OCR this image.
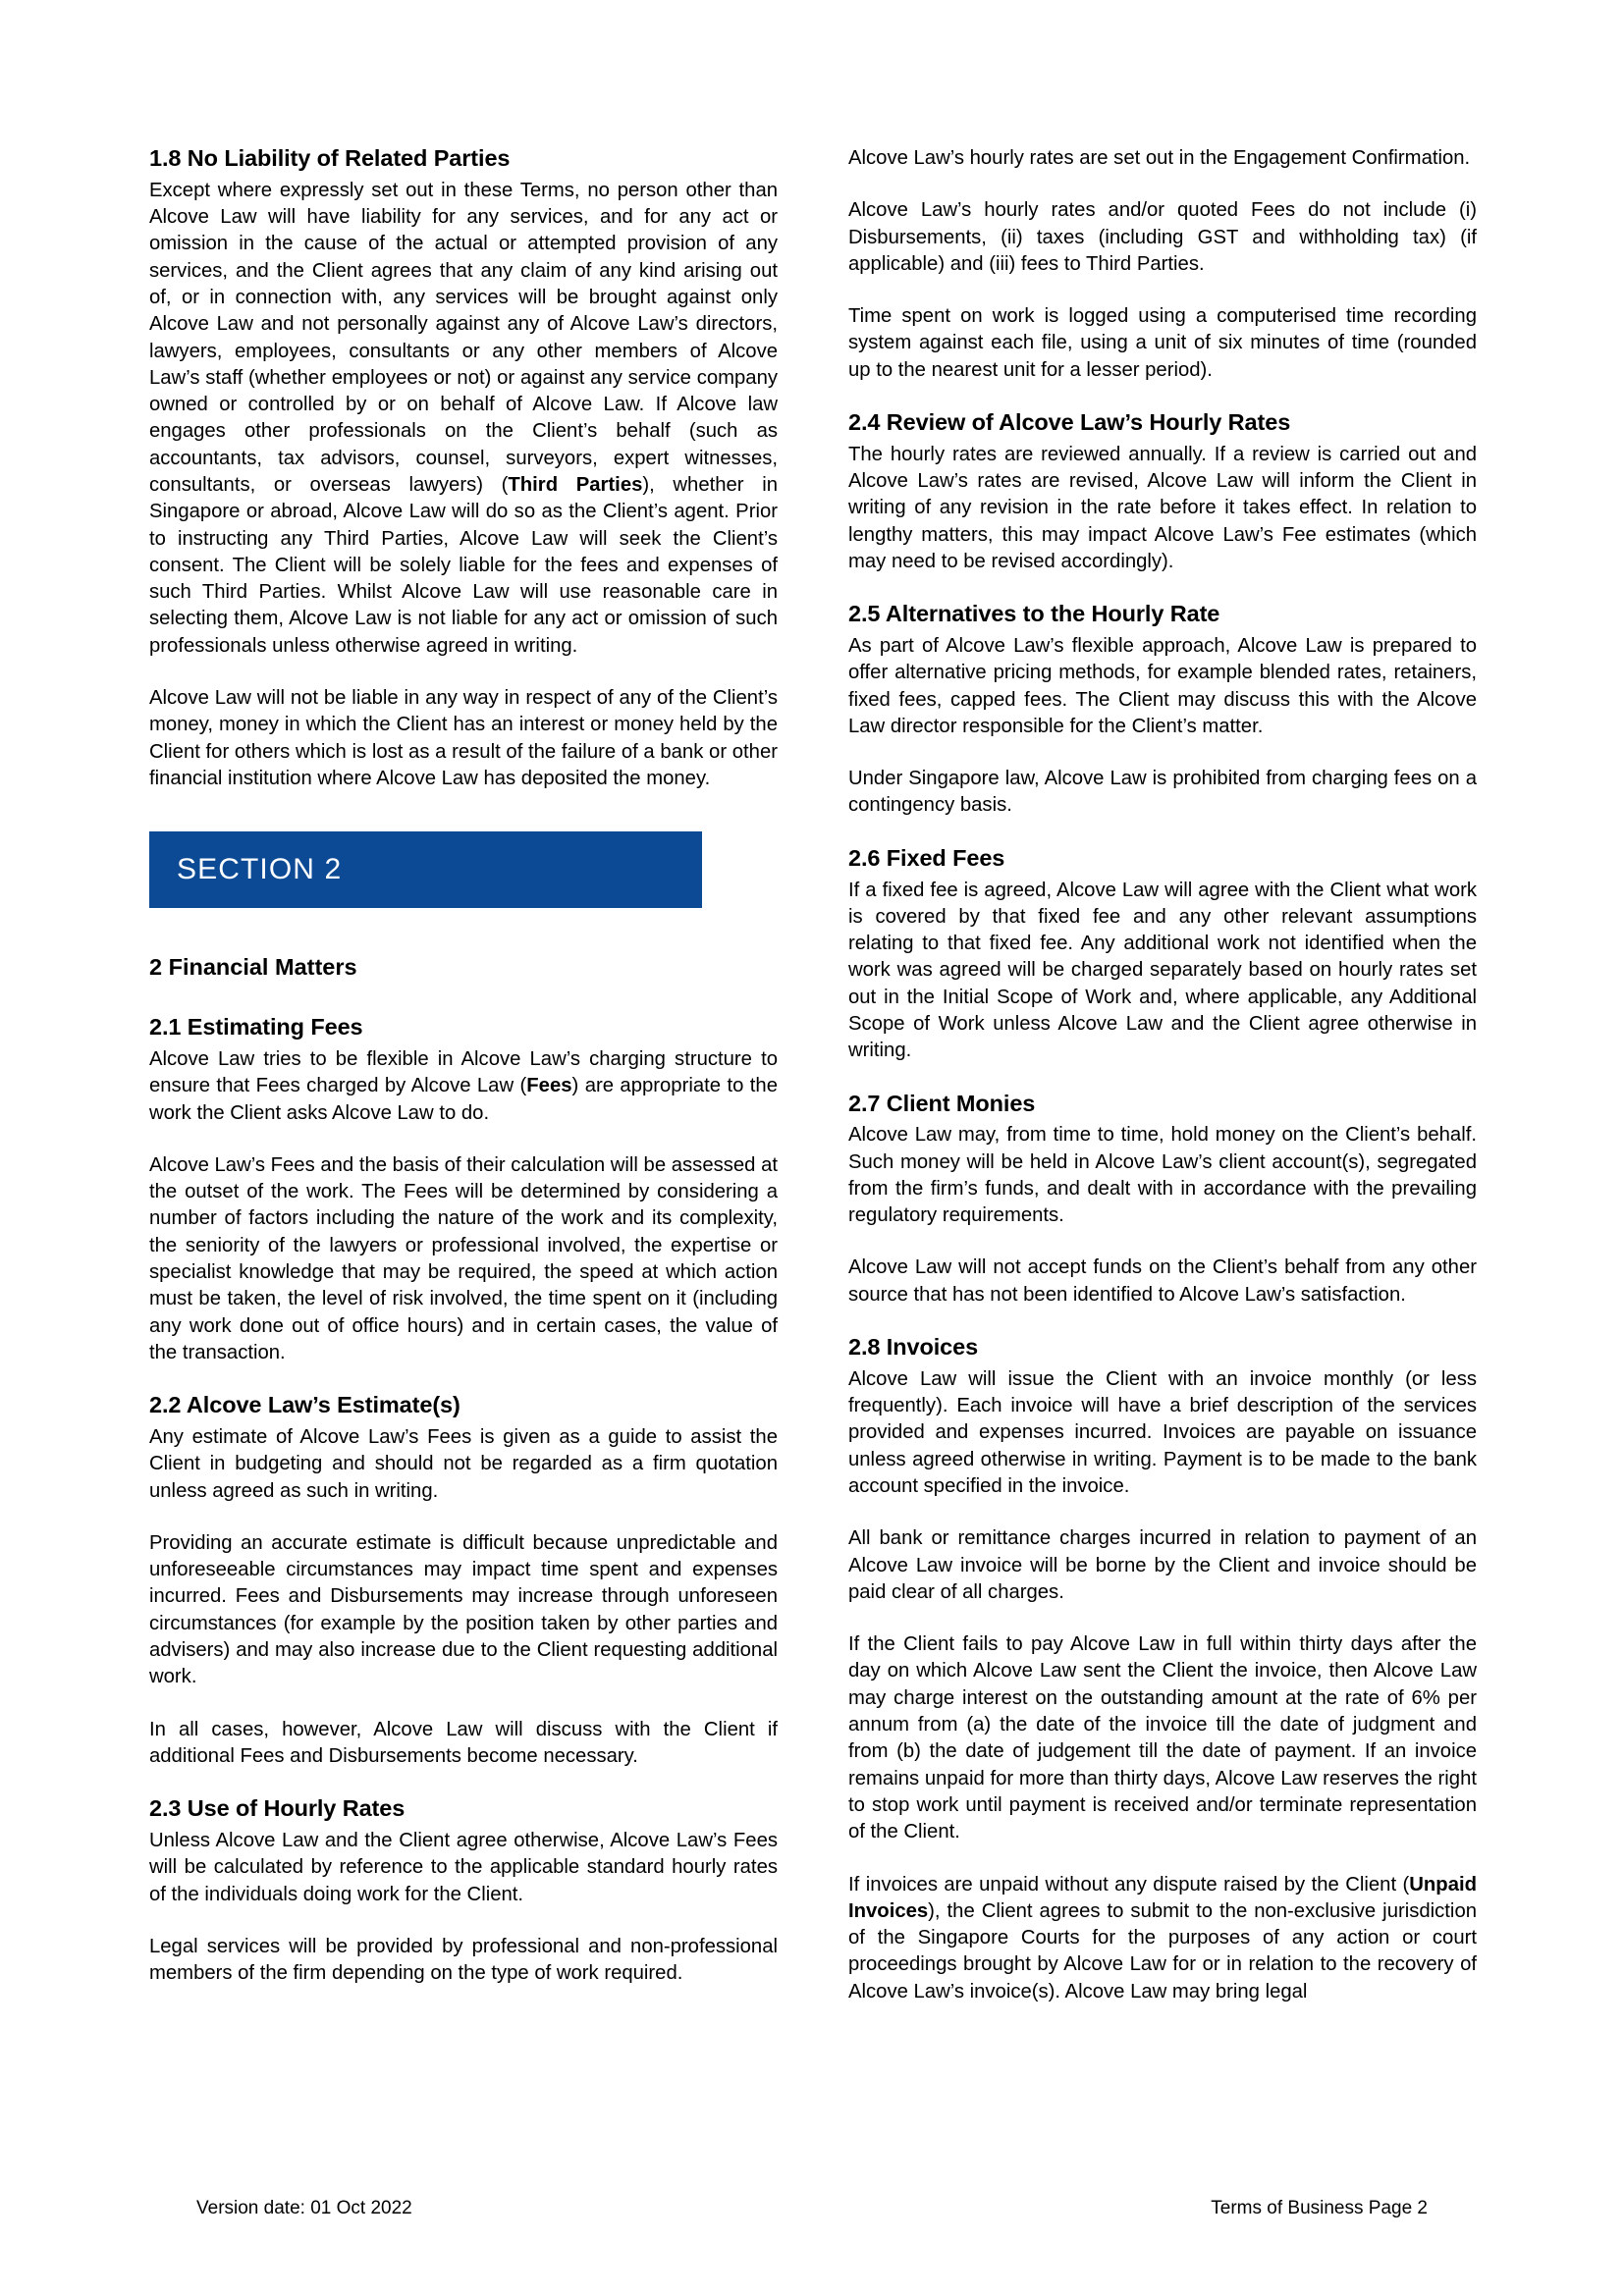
1.8 No Liability of Related Parties

Except where expressly set out in these Terms, no person other than Alcove Law will have liability for any services, and for any act or omission in the cause of the actual or attempted provision of any services, and the Client agrees that any claim of any kind arising out of, or in connection with, any services will be brought against only Alcove Law and not personally against any of Alcove Law’s directors, lawyers, employees, consultants or any other members of Alcove Law’s staff (whether employees or not) or against any service company owned or controlled by or on behalf of Alcove Law. If Alcove law engages other professionals on the Client’s behalf (such as accountants, tax advisors, counsel, surveyors, expert witnesses, consultants, or overseas lawyers) (Third Parties), whether in Singapore or abroad, Alcove Law will do so as the Client’s agent. Prior to instructing any Third Parties, Alcove Law will seek the Client’s consent. The Client will be solely liable for the fees and expenses of such Third Parties. Whilst Alcove Law will use reasonable care in selecting them, Alcove Law is not liable for any act or omission of such professionals unless otherwise agreed in writing.

Alcove Law will not be liable in any way in respect of any of the Client’s money, money in which the Client has an interest or money held by the Client for others which is lost as a result of the failure of a bank or other financial institution where Alcove Law has deposited the money.

SECTION 2
2 Financial Matters
2.1 Estimating Fees

Alcove Law tries to be flexible in Alcove Law’s charging structure to ensure that Fees charged by Alcove Law (Fees) are appropriate to the work the Client asks Alcove Law to do.

Alcove Law’s Fees and the basis of their calculation will be assessed at the outset of the work. The Fees will be determined by considering a number of factors including the nature of the work and its complexity, the seniority of the lawyers or professional involved, the expertise or specialist knowledge that may be required, the speed at which action must be taken, the level of risk involved, the time spent on it (including any work done out of office hours) and in certain cases, the value of the transaction.

2.2 Alcove Law’s Estimate(s)

Any estimate of Alcove Law’s Fees is given as a guide to assist the Client in budgeting and should not be regarded as a firm quotation unless agreed as such in writing.

Providing an accurate estimate is difficult because unpredictable and unforeseeable circumstances may impact time spent and expenses incurred. Fees and Disbursements may increase through unforeseen circumstances (for example by the position taken by other parties and advisers) and may also increase due to the Client requesting additional work.

In all cases, however, Alcove Law will discuss with the Client if additional Fees and Disbursements become necessary.

2.3 Use of Hourly Rates

Unless Alcove Law and the Client agree otherwise, Alcove Law’s Fees will be calculated by reference to the applicable standard hourly rates of the individuals doing work for the Client.

Legal services will be provided by professional and non-professional members of the firm depending on the type of work required.

Alcove Law’s hourly rates are set out in the Engagement Confirmation.

Alcove Law’s hourly rates and/or quoted Fees do not include (i) Disbursements, (ii) taxes (including GST and withholding tax) (if applicable) and (iii) fees to Third Parties.

Time spent on work is logged using a computerised time recording system against each file, using a unit of six minutes of time (rounded up to the nearest unit for a lesser period).

2.4 Review of Alcove Law’s Hourly Rates

The hourly rates are reviewed annually. If a review is carried out and Alcove Law’s rates are revised, Alcove Law will inform the Client in writing of any revision in the rate before it takes effect. In relation to lengthy matters, this may impact Alcove Law’s Fee estimates (which may need to be revised accordingly).

2.5 Alternatives to the Hourly Rate

As part of Alcove Law’s flexible approach, Alcove Law is prepared to offer alternative pricing methods, for example blended rates, retainers, fixed fees, capped fees. The Client may discuss this with the Alcove Law director responsible for the Client’s matter.

Under Singapore law, Alcove Law is prohibited from charging fees on a contingency basis.

2.6 Fixed Fees

If a fixed fee is agreed, Alcove Law will agree with the Client what work is covered by that fixed fee and any other relevant assumptions relating to that fixed fee. Any additional work not identified when the work was agreed will be charged separately based on hourly rates set out in the Initial Scope of Work and, where applicable, any Additional Scope of Work unless Alcove Law and the Client agree otherwise in writing.

2.7 Client Monies

Alcove Law may, from time to time, hold money on the Client’s behalf. Such money will be held in Alcove Law’s client account(s), segregated from the firm’s funds, and dealt with in accordance with the prevailing regulatory requirements.

Alcove Law will not accept funds on the Client’s behalf from any other source that has not been identified to Alcove Law’s satisfaction.

2.8 Invoices

Alcove Law will issue the Client with an invoice monthly (or less frequently). Each invoice will have a brief description of the services provided and expenses incurred. Invoices are payable on issuance unless agreed otherwise in writing. Payment is to be made to the bank account specified in the invoice.

All bank or remittance charges incurred in relation to payment of an Alcove Law invoice will be borne by the Client and invoice should be paid clear of all charges.

If the Client fails to pay Alcove Law in full within thirty days after the day on which Alcove Law sent the Client the invoice, then Alcove Law may charge interest on the outstanding amount at the rate of 6% per annum from (a) the date of the invoice till the date of judgment and from (b) the date of judgement till the date of payment. If an invoice remains unpaid for more than thirty days, Alcove Law reserves the right to stop work until payment is received and/or terminate representation of the Client.

If invoices are unpaid without any dispute raised by the Client (Unpaid Invoices), the Client agrees to submit to the non-exclusive jurisdiction of the Singapore Courts for the purposes of any action or court proceedings brought by Alcove Law for or in relation to the recovery of Alcove Law’s invoice(s). Alcove Law may bring legal

Version date: 01 Oct 2022	Terms of Business Page 2
